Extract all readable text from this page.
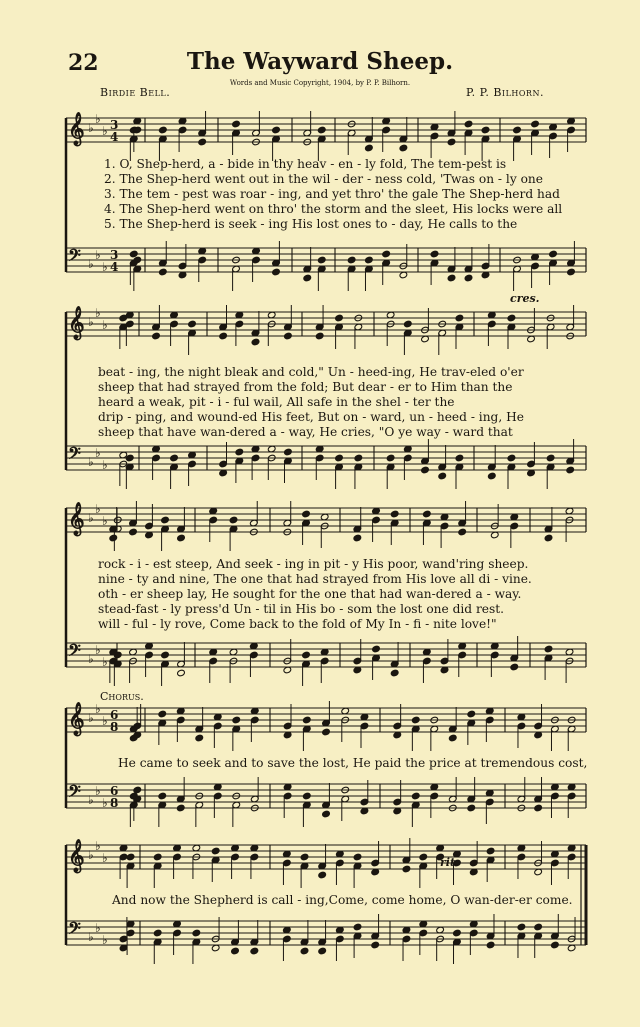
22	The Wayward Sheep.
Words and Music Copyright, 1904, by P. P. Bilhorn.
Birdie Bell.	P. P. Bilhorn.
𝄞 ♭
♭
♭ 3
4
𝄢 ♭
♭
♭
3
4
𝄞 ♭
♭
♭
𝄢 ♭
♭
♭
𝄞 ♭
♭
♭
𝄢 ♭
♭
♭
𝄞 ♭
♭
♭ 6
8
𝄢 ♭
♭
♭
6
8
𝄞 ♭
♭
♭
𝄢 ♭
♭
♭
1. O, Shep-herd, a - bide in thy heav - en - ly fold, The tem-pest is
2. The Shep-herd went out in the wil - der - ness cold, 'Twas on - ly one
3. The tem - pest was roar - ing, and yet thro' the gale The Shep-herd had
4. The Shep-herd went on thro' the storm and the sleet, His locks were all
5. The Shep-herd is seek - ing His lost ones to - day, He calls to the
cres.
beat - ing, the night bleak and cold," Un - heed-ing, He trav-eled o'er
sheep that had strayed from the fold; But dear - er to Him than the
heard a weak, pit - i - ful wail, All safe in the shel - ter the
drip - ping, and wound-ed His feet, But on - ward, un - heed - ing, He
sheep that have wan-dered a - way, He cries, "O ye way - ward that
rock - i - est steep, And seek - ing in pit - y His poor, wand'ring sheep.
nine - ty and nine, The one that had strayed from His love all di - vine.
oth - er sheep lay, He sought for the one that had wan-dered a - way.
stead-fast - ly press'd Un - til in His bo - som the lost one did rest.
will - ful - ly rove, Come back to the fold of My In - fi - nite love!"
Chorus.
He came to seek and to save the lost, He paid the price at tremendous cost,
rit.
And now the Shepherd is call - ing,Come, come home, O wan-der-er come.
